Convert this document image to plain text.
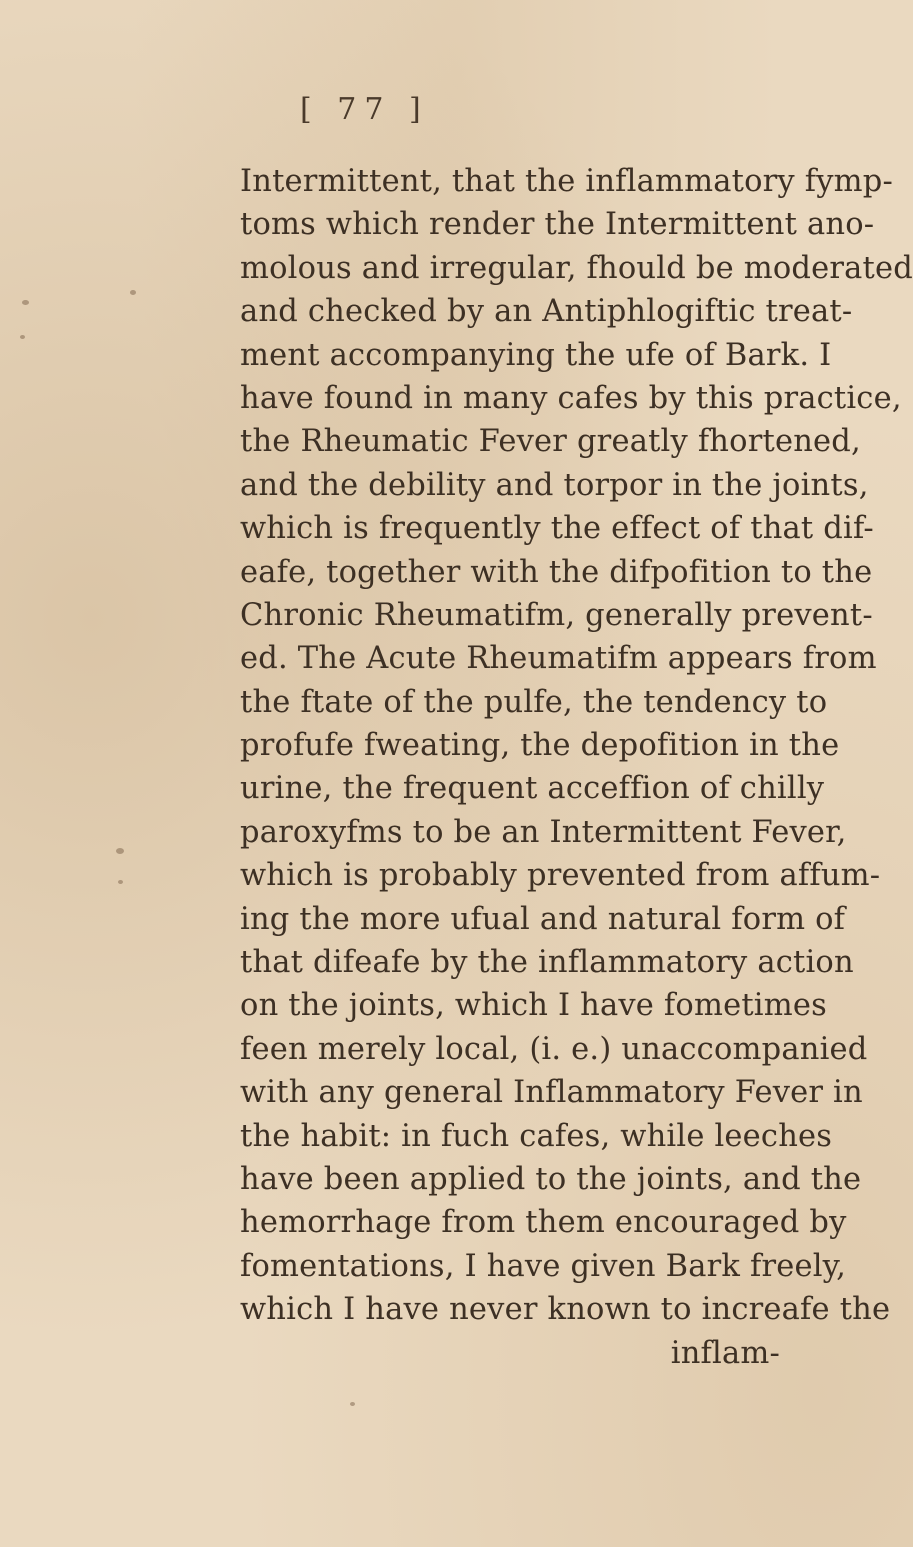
[ 77 ]
Intermittent, that the inflammatory fymp-
toms which render the Intermittent ano-
molous and irregular, fhould be moderated
and checked by an Antiphlogiftic treat-
ment accompanying the ufe of Bark. I
have found in many cafes by this practice,
the Rheumatic Fever greatly fhortened,
and the debility and torpor in the joints,
which is frequently the effect of that dif-
eafe, together with the difpofition to the
Chronic Rheumatifm, generally prevent-
ed. The Acute Rheumatifm appears from
the ftate of the pulfe, the tendency to
profufe fweating, the depofition in the
urine, the frequent acceffion of chilly
paroxyfms to be an Intermittent Fever,
which is probably prevented from affum-
ing the more ufual and natural form of
that difeafe by the inflammatory action
on the joints, which I have fometimes
feen merely local, (i. e.) unaccompanied
with any general Inflammatory Fever in
the habit: in fuch cafes, while leeches
have been applied to the joints, and the
hemorrhage from them encouraged by
fomentations, I have given Bark freely,
which I have never known to increafe the
inflam-
